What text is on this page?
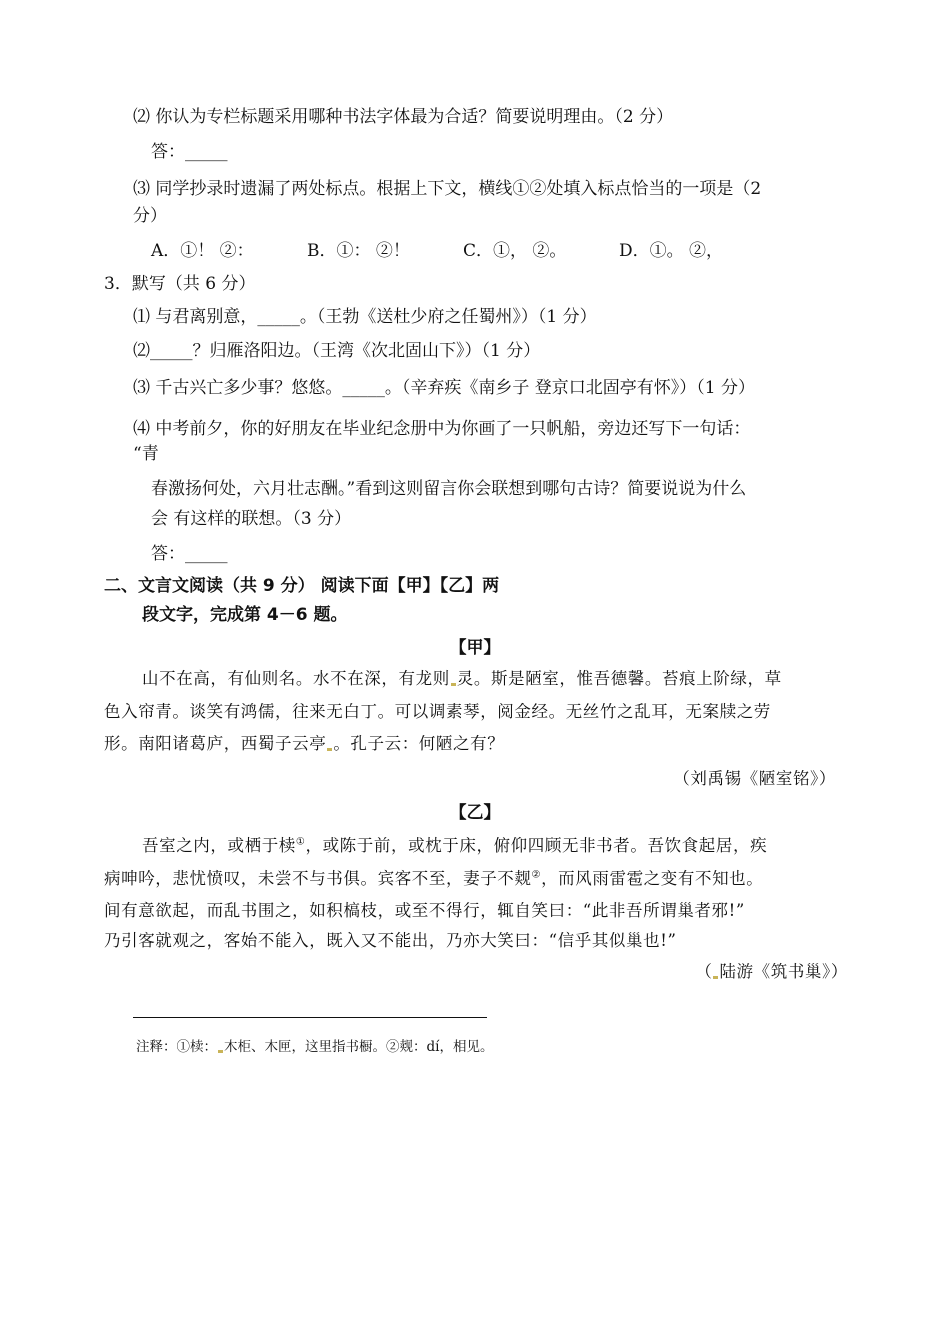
⑵ 你认为专栏标题采用哪种书法字体最为合适？简要说明理由。（2 分）
答：_____
⑶ 同学抄录时遗漏了两处标点。根据上下文，横线①②处填入标点恰当的一项是（2
分）
A．①！ ②：	B．①： ②！	C．①， ②。	D．①。 ②，
3．默写（共 6 分）
⑴ 与君离别意，_____。（王勃《送杜少府之任蜀州》）（1 分）
⑵_____？归雁洛阳边。（王湾《次北固山下》）（1 分）
⑶ 千古兴亡多少事？悠悠。_____。（辛弃疾《南乡子 登京口北固亭有怀》）（1 分）
⑷ 中考前夕，你的好朋友在毕业纪念册中为你画了一只帆船，旁边还写下一句话：
“青
春激扬何处，六月壮志酬。”看到这则留言你会联想到哪句古诗？简要说说为什么
会 有这样的联想。（3 分）
答：_____
二、文言文阅读（共 9 分） 阅读下面【甲】【乙】两
段文字，完成第 4－6 题。
【甲】
山不在高，有仙则名。水不在深，有龙则 灵。斯是陋室，惟吾德馨。苔痕上阶绿，草
色入帘青。谈笑有鸿儒，往来无白丁。可以调素琴，阅金经。无丝竹之乱耳，无案牍之劳
形。南阳诸葛庐，西蜀子云亭 。孔子云：何陋之有？
（刘禹锡《陋室铭》）
【乙】
吾室之内，或栖于椟①，或陈于前，或枕于床，俯仰四顾无非书者。吾饮食起居，疾
病呻吟，悲忧愤叹，未尝不与书俱。宾客不至，妻子不觌②，而风雨雷雹之变有不知也。
间有意欲起，而乱书围之，如积槁枝，或至不得行，辄自笑曰：“此非吾所谓巢者邪!”
乃引客就观之，客始不能入，既入又不能出，乃亦大笑曰：“信乎其似巢也!”
（ 陆游《筑书巢》）
注释：①椟： 木柜、木匣，这里指书橱。②觌：dí，相见。
